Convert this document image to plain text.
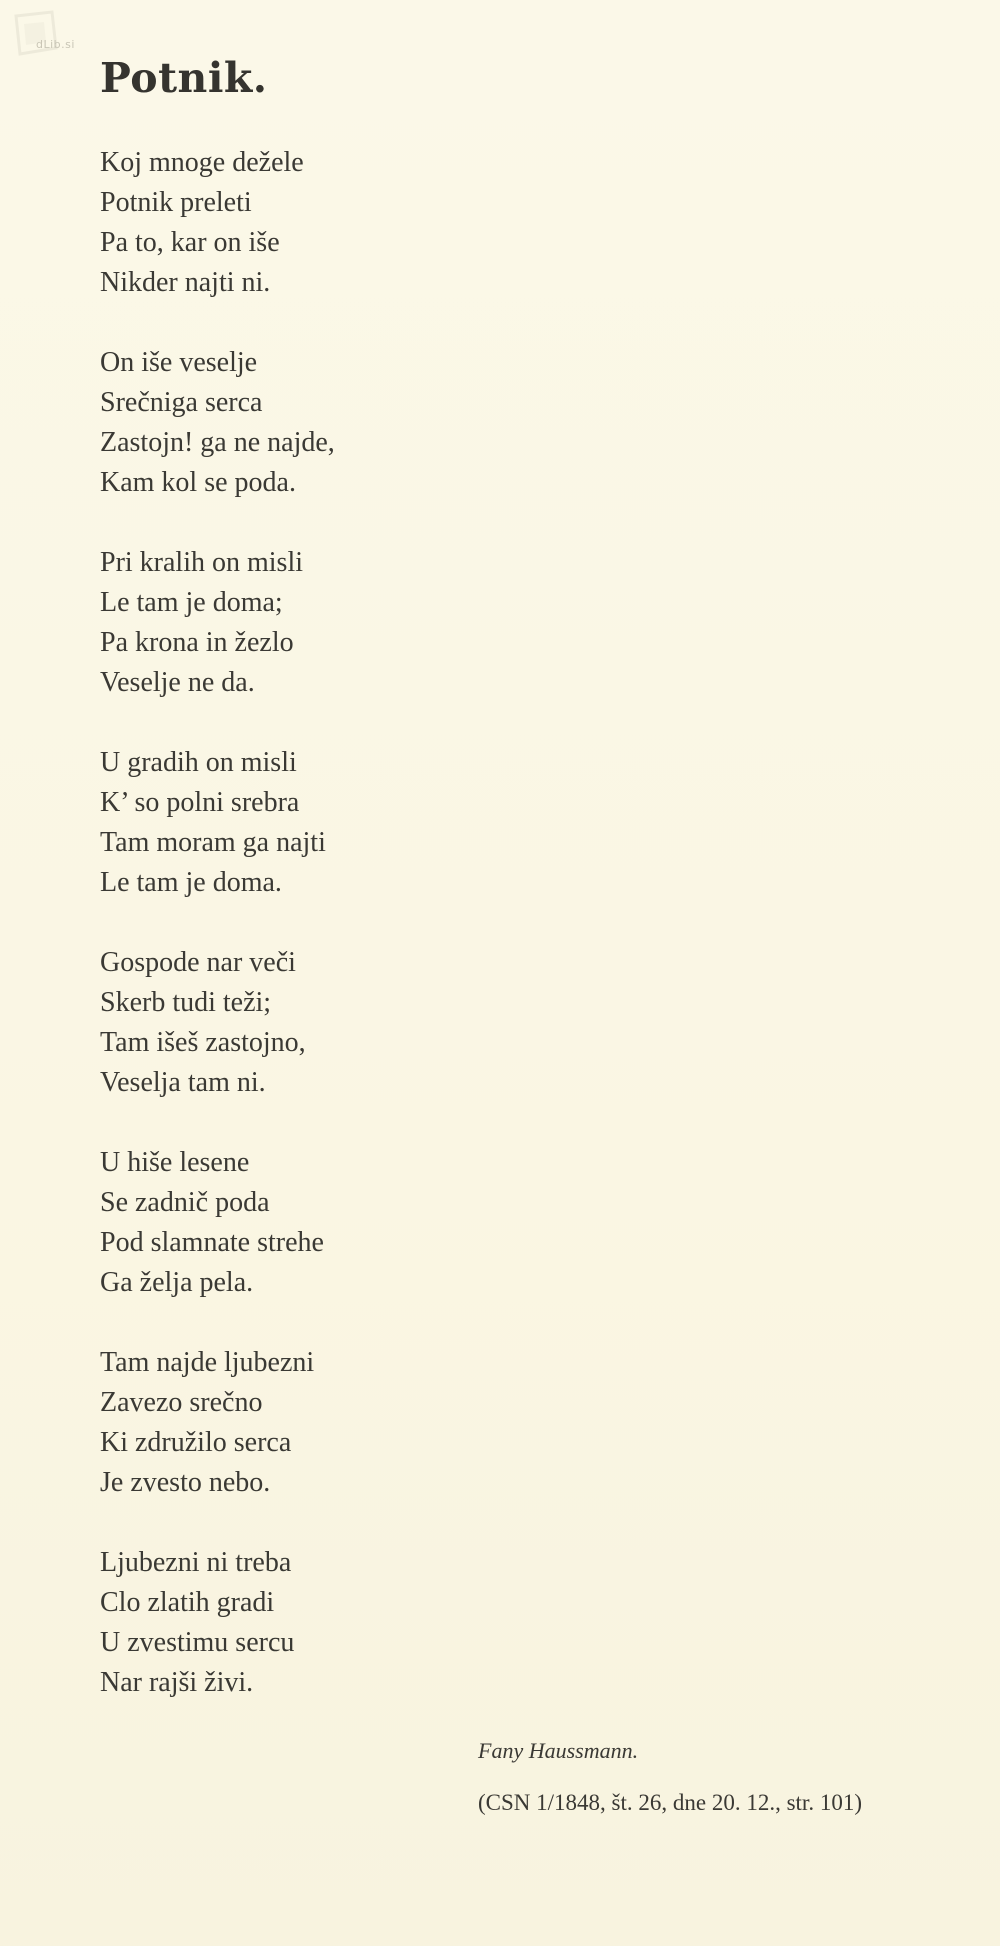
dLib.si
Potnik.
Koj mnoge dežele
Potnik preleti
Pa to, kar on iše
Nikder najti ni.
On iše veselje
Srečniga serca
Zastojn! ga ne najde,
Kam kol se poda.
Pri kralih on misli
Le tam je doma;
Pa krona in žezlo
Veselje ne da.
U gradih on misli
K’ so polni srebra
Tam moram ga najti
Le tam je doma.
Gospode nar veči
Skerb tudi teži;
Tam išeš zastojno,
Veselja tam ni.
U hiše lesene
Se zadnič poda
Pod slamnate strehe
Ga želja pela.
Tam najde ljubezni
Zavezo srečno
Ki združilo serca
Je zvesto nebo.
Ljubezni ni treba
Clo zlatih gradi
U zvestimu sercu
Nar rajši živi.
Fany Haussmann.
(CSN 1/1848, št. 26, dne 20. 12., str. 101)
